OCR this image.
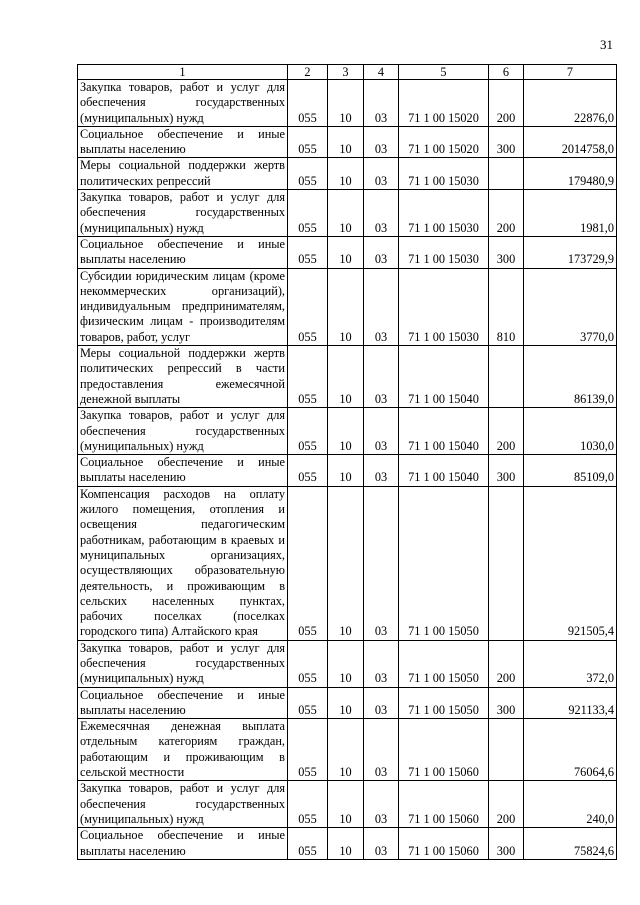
31
1	2	3	4	5	6	7
Закупка товаров, работ и услуг для обеспечения государственных (муниципальных) нужд	055	10	03	71 1 00 15020	200	22876,0
Социальное обеспечение и иные выплаты населению	055	10	03	71 1 00 15020	300	2014758,0
Меры социальной поддержки жертв политических репрессий	055	10	03	71 1 00 15030		179480,9
Закупка товаров, работ и услуг для обеспечения государственных (муниципальных) нужд	055	10	03	71 1 00 15030	200	1981,0
Социальное обеспечение и иные выплаты населению	055	10	03	71 1 00 15030	300	173729,9
Субсидии юридическим лицам (кроме некоммерческих организаций), индивидуальным предпринимателям, физическим лицам - производителям товаров, работ, услуг	055	10	03	71 1 00 15030	810	3770,0
Меры социальной поддержки жертв политических репрессий в части предоставления ежемесячной денежной выплаты	055	10	03	71 1 00 15040		86139,0
Закупка товаров, работ и услуг для обеспечения государственных (муниципальных) нужд	055	10	03	71 1 00 15040	200	1030,0
Социальное обеспечение и иные выплаты населению	055	10	03	71 1 00 15040	300	85109,0
Компенсация расходов на оплату жилого помещения, отопления и освещения педагогическим работникам, работающим в краевых и муниципальных организациях, осуществляющих образовательную деятельность, и проживающим в сельских населенных пунктах, рабочих поселках (поселках городского типа) Алтайского края	055	10	03	71 1 00 15050		921505,4
Закупка товаров, работ и услуг для обеспечения государственных (муниципальных) нужд	055	10	03	71 1 00 15050	200	372,0
Социальное обеспечение и иные выплаты населению	055	10	03	71 1 00 15050	300	921133,4
Ежемесячная денежная выплата отдельным категориям граждан, работающим и проживающим в сельской местности	055	10	03	71 1 00 15060		76064,6
Закупка товаров, работ и услуг для обеспечения государственных (муниципальных) нужд	055	10	03	71 1 00 15060	200	240,0
Социальное обеспечение и иные выплаты населению	055	10	03	71 1 00 15060	300	75824,6
